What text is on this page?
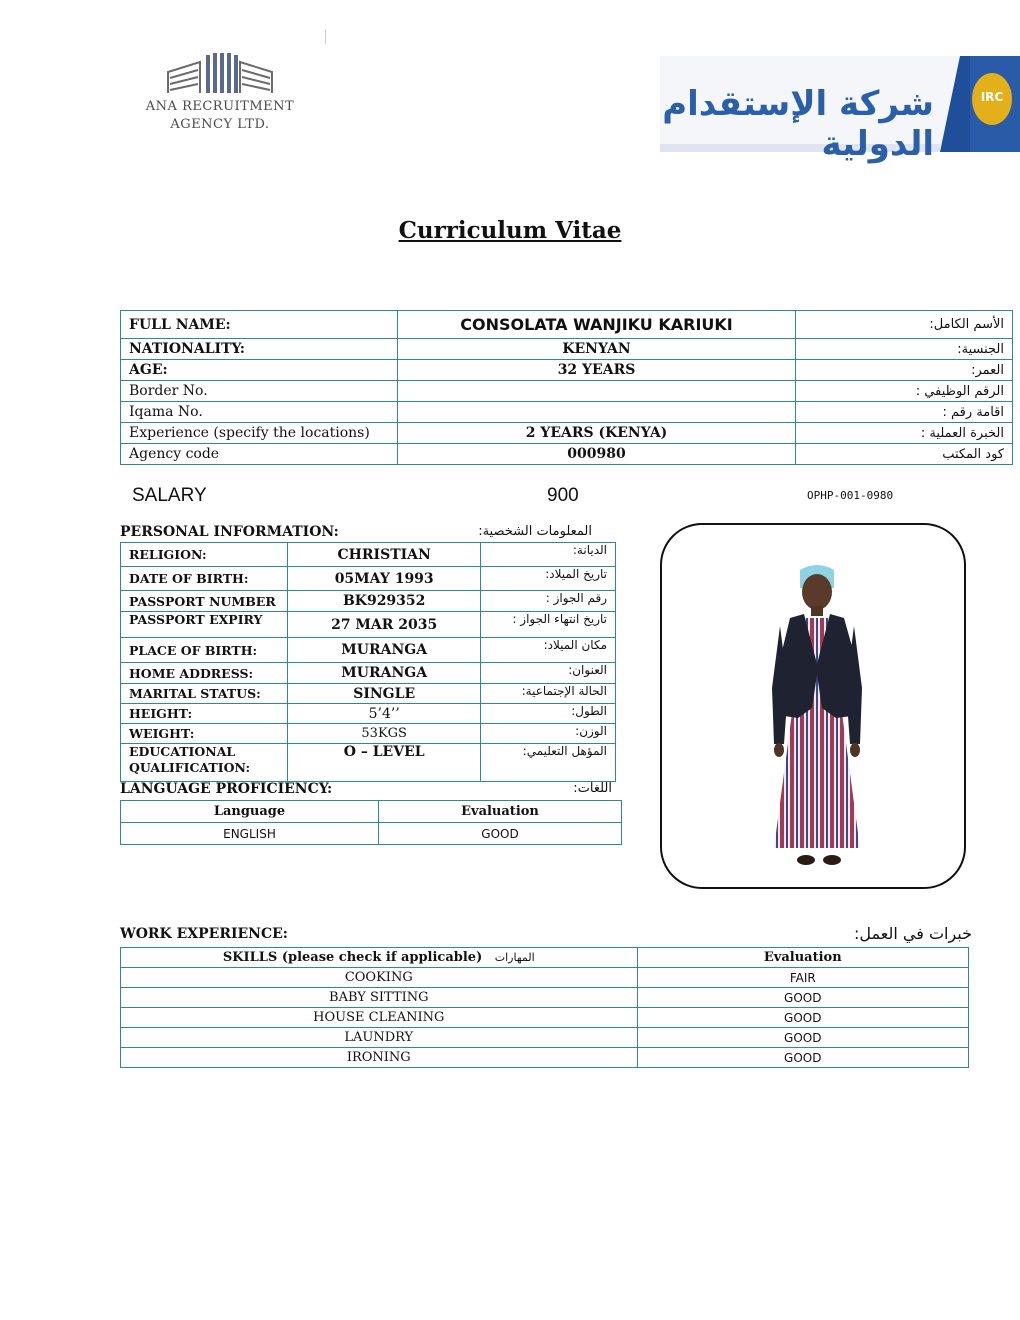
ANA RECRUITMENT
AGENCY LTD.
شركة الإستقدام الدولية
IRC
Curriculum Vitae
FULL NAME:	CONSOLATA WANJIKU KARIUKI	الأسم الكامل:
NATIONALITY:	KENYAN	الجنسية:
AGE:	32 YEARS	العمر:
Border No.		الرقم الوظيفي :
Iqama No.		اقامة رقم :
Experience (specify the locations)	2 YEARS (KENYA)	الخبرة العملية :
Agency code	000980	كود المكتب
SALARY	900	OPHP-001-0980
PERSONAL INFORMATION:	المعلومات الشخصية:
RELIGION:	CHRISTIAN	الديانة:
DATE OF BIRTH:	05MAY 1993	تاريخ الميلاد:
PASSPORT NUMBER	BK929352	رقم الجواز :
PASSPORT EXPIRY	27 MAR 2035	تاريخ انتهاء الجواز :
PLACE OF BIRTH:	MURANGA	مكان الميلاد:
HOME ADDRESS:	MURANGA	العنوان:
MARITAL STATUS:	SINGLE	الحالة الإجتماعية:
HEIGHT:	5’4’’	الطول:
WEIGHT:	53KGS	الوزن:
EDUCATIONAL QUALIFICATION:	O – LEVEL	المؤهل التعليمي:
LANGUAGE PROFICIENCY:	اللغات:
Language	Evaluation
ENGLISH	GOOD
WORK EXPERIENCE:	خبرات في العمل:
SKILLS (please check if applicable) المهارات	Evaluation
COOKING	FAIR
BABY SITTING	GOOD
HOUSE CLEANING	GOOD
LAUNDRY	GOOD
IRONING	GOOD
